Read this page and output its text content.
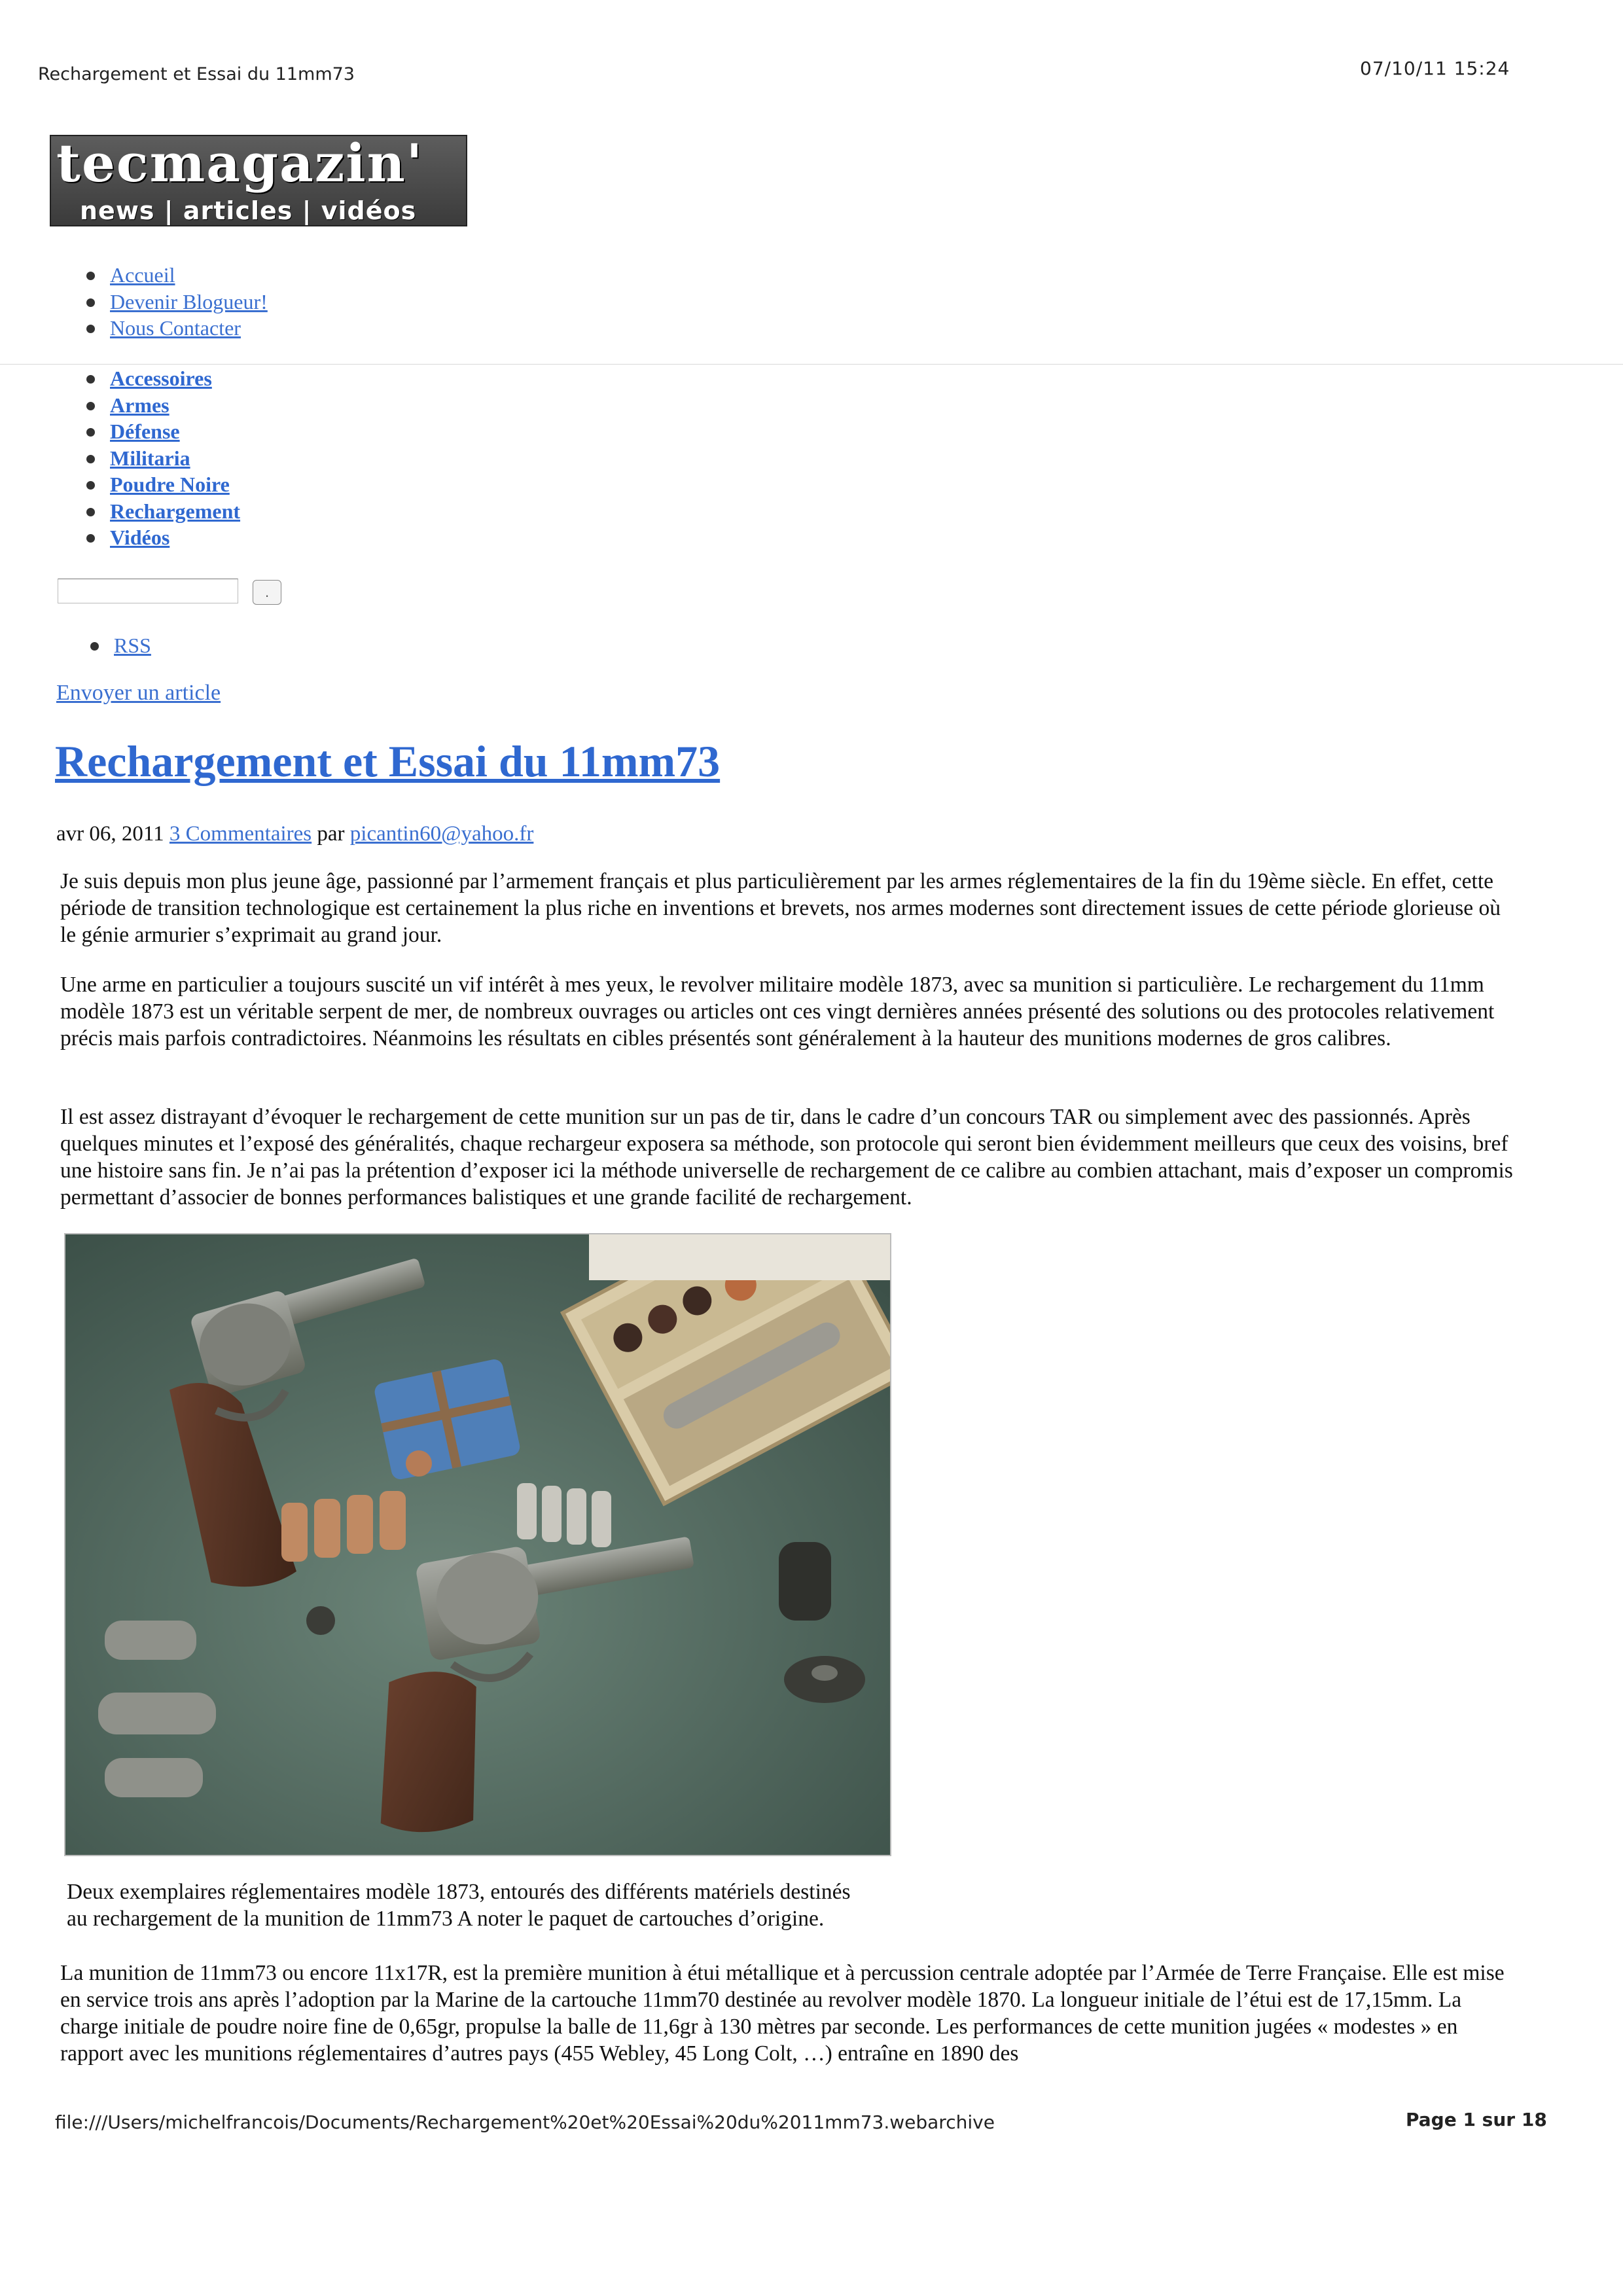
Rechargement et Essai du 11mm73	07/10/11 15:24
tecmagazin'
news | articles | vidéos
Accueil
Devenir Blogueur!
Nous Contacter
Accessoires
Armes
Défense
Militaria
Poudre Noire
Rechargement
Vidéos
.
RSS
Envoyer un article
Rechargement et Essai du 11mm73
avr 06, 2011 3 Commentaires par picantin60@yahoo.fr

Je suis depuis mon plus jeune âge, passionné par l’armement français et plus particulièrement par les armes réglementaires de la fin du 19ème siècle. En effet, cette période de transition technologique est certainement la plus riche en inventions et brevets, nos armes modernes sont directement issues de cette période glorieuse où le génie armurier s’exprimait au grand jour.

Une arme en particulier a toujours suscité un vif intérêt à mes yeux, le revolver militaire modèle 1873, avec sa munition si particulière. Le rechargement du 11mm modèle 1873 est un véritable serpent de mer, de nombreux ouvrages ou articles ont ces vingt dernières années présenté des solutions ou des protocoles relativement précis mais parfois contradictoires. Néanmoins les résultats en cibles présentés sont généralement à la hauteur des munitions modernes de gros calibres.

Il est assez distrayant d’évoquer le rechargement de cette munition sur un pas de tir, dans le cadre d’un concours TAR ou simplement avec des passionnés. Après quelques minutes et l’exposé des généralités, chaque rechargeur exposera sa méthode, son protocole qui seront bien évidemment meilleurs que ceux des voisins, bref une histoire sans fin. Je n’ai pas la prétention d’exposer ici la méthode universelle de rechargement de ce calibre au combien attachant, mais d’exposer un compromis permettant d’associer de bonnes performances balistiques et une grande facilité de rechargement.

Deux exemplaires réglementaires modèle 1873, entourés des différents matériels destinés
au rechargement de la munition de 11mm73 A noter le paquet de cartouches d’origine.

La munition de 11mm73 ou encore 11x17R, est la première munition à étui métallique et à percussion centrale adoptée par l’Armée de Terre Française. Elle est mise en service trois ans après l’adoption par la Marine de la cartouche 11mm70 destinée au revolver modèle 1870. La longueur initiale de l’étui est de 17,15mm. La charge initiale de poudre noire fine de 0,65gr, propulse la balle de 11,6gr à 130 mètres par seconde. Les performances de cette munition jugées « modestes » en rapport avec les munitions réglementaires d’autres pays (455 Webley, 45 Long Colt, …) entraîne en 1890 des

file:///Users/michelfrancois/Documents/Rechargement%20et%20Essai%20du%2011mm73.webarchive	Page 1 sur 18
